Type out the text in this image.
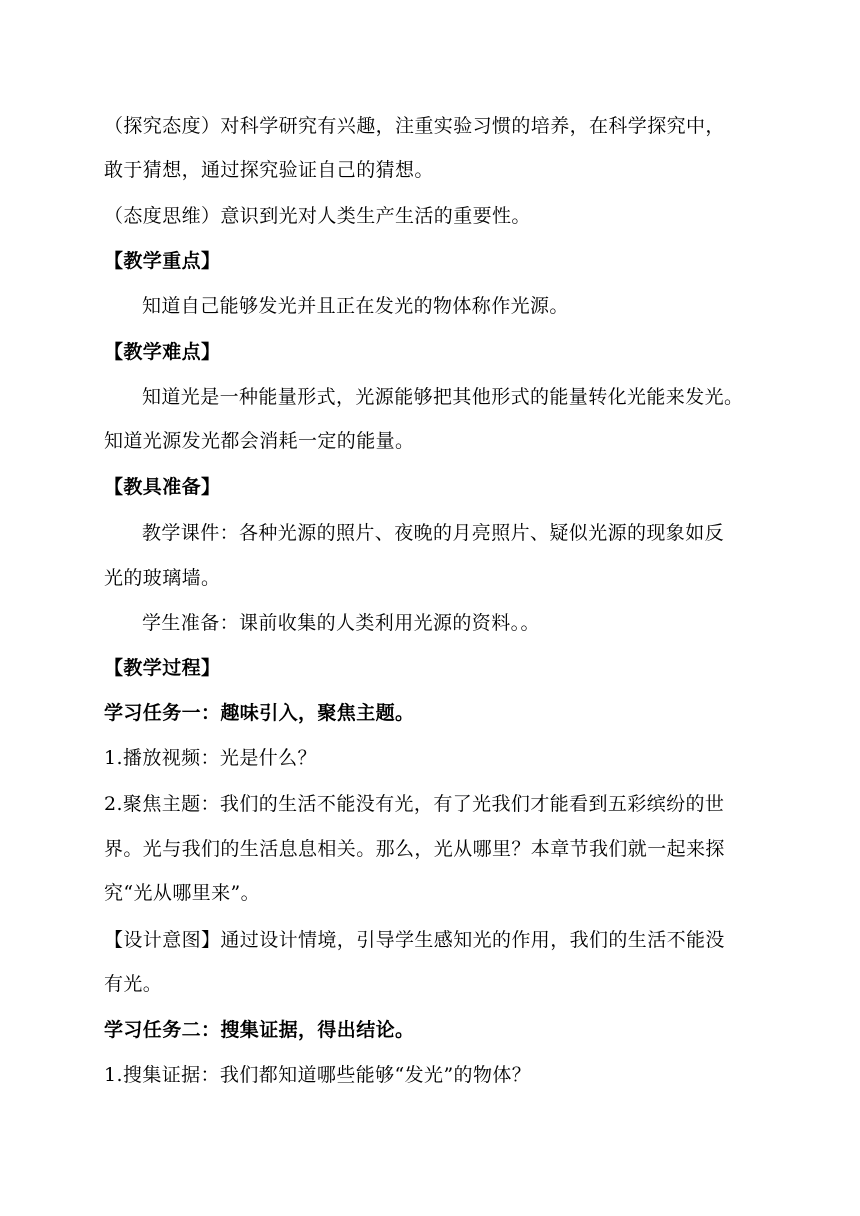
（探究态度）对科学研究有兴趣，注重实验习惯的培养，在科学探究中，
敢于猜想，通过探究验证自己的猜想。
（态度思维）意识到光对人类生产生活的重要性。
【教学重点】
知道自己能够发光并且正在发光的物体称作光源。
【教学难点】
知道光是一种能量形式，光源能够把其他形式的能量转化光能来发光。
知道光源发光都会消耗一定的能量。
【教具准备】
教学课件：各种光源的照片、夜晚的月亮照片、疑似光源的现象如反
光的玻璃墙。
学生准备：课前收集的人类利用光源的资料。。
【教学过程】
学习任务一：趣味引入，聚焦主题。
1.播放视频：光是什么？
2.聚焦主题：我们的生活不能没有光，有了光我们才能看到五彩缤纷的世
界。光与我们的生活息息相关。那么，光从哪里？本章节我们就一起来探
究“光从哪里来”。
【设计意图】通过设计情境，引导学生感知光的作用，我们的生活不能没
有光。
学习任务二：搜集证据，得出结论。
1.搜集证据：我们都知道哪些能够“发光”的物体？
